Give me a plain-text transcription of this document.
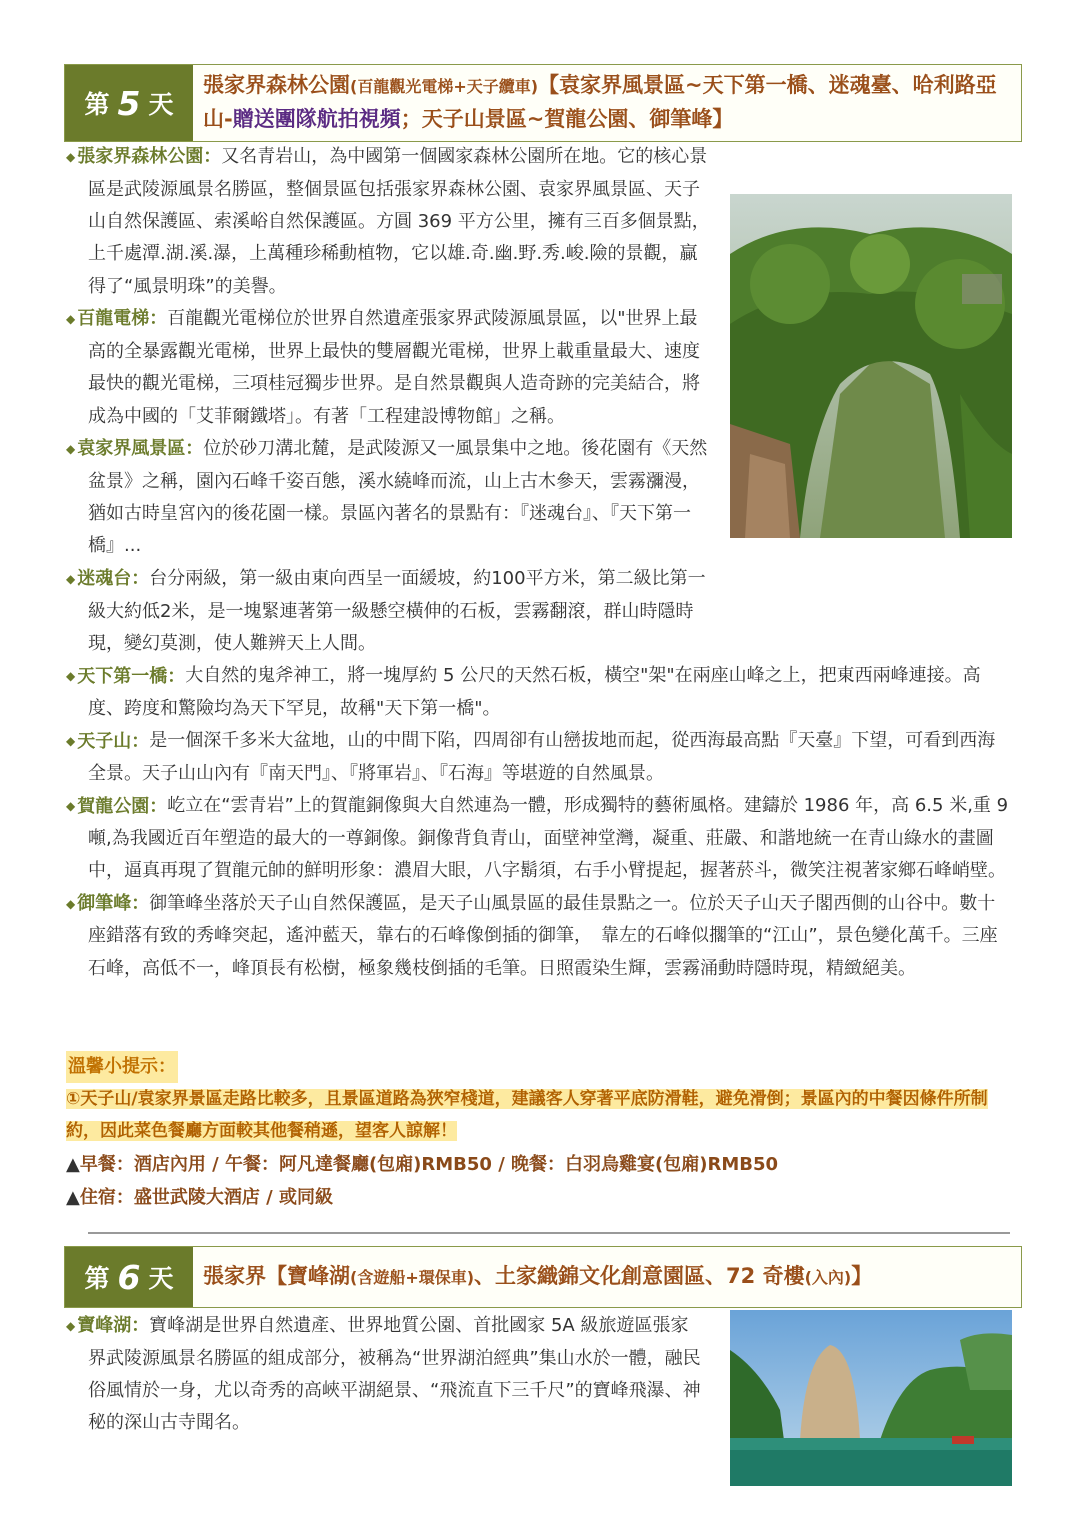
第 5 天
張家界森林公園(百龍觀光電梯+天子纜車)【袁家界風景區~天下第一橋、迷魂臺、哈利路亞山-贈送團隊航拍視頻；天子山景區~賀龍公園、御筆峰】

◆ 張家界森林公園：又名青岩山，為中國第一個國家森林公園所在地。它的核心景區是武陵源風景名勝區，整個景區包括張家界森林公園、袁家界風景區、天子山自然保護區、索溪峪自然保護區。方圓 369 平方公里，擁有三百多個景點，上千處潭.湖.溪.瀑，上萬種珍稀動植物，它以雄.奇.幽.野.秀.峻.險的景觀，贏得了“風景明珠”的美譽。

◆ 百龍電梯：百龍觀光電梯位於世界自然遺產張家界武陵源風景區，以"世界上最高的全暴露觀光電梯，世界上最快的雙層觀光電梯，世界上載重量最大、速度最快的觀光電梯，三項桂冠獨步世界。是自然景觀與人造奇跡的完美結合，將成為中國的「艾菲爾鐵塔」。有著「工程建設博物館」之稱。

◆ 袁家界風景區：位於砂刀溝北麓，是武陵源又一風景集中之地。後花園有《天然盆景》之稱，園內石峰千姿百態，溪水繞峰而流，山上古木參天，雲霧瀰漫，猶如古時皇宮內的後花園一樣。景區內著名的景點有：『迷魂台』、『天下第一橋』...

◆ 迷魂台：台分兩級，第一級由東向西呈一面緩坡，約100平方米，第二級比第一級大約低2米，是一塊緊連著第一級懸空橫伸的石板，雲霧翻滾，群山時隱時現，變幻莫測，使人難辨天上人間。

◆ 天下第一橋：大自然的鬼斧神工，將一塊厚約 5 公尺的天然石板，橫空"架"在兩座山峰之上，把東西兩峰連接。高度、跨度和驚險均為天下罕見，故稱"天下第一橋"。

◆ 天子山：是一個深千多米大盆地，山的中間下陷，四周卻有山巒拔地而起，從西海最高點『天臺』下望，可看到西海全景。天子山山內有『南天門』、『將軍岩』、『石海』等堪遊的自然風景。

◆ 賀龍公園：屹立在“雲青岩”上的賀龍銅像與大自然連為一體，形成獨特的藝術風格。建鑄於 1986 年，高 6.5 米,重 9 噸,為我國近百年塑造的最大的一尊銅像。銅像背負青山，面壁神堂灣，凝重、莊嚴、和諧地統一在青山綠水的畫圖中，逼真再現了賀龍元帥的鮮明形象：濃眉大眼，八字鬍須，右手小臂提起，握著菸斗，微笑注視著家鄉石峰峭壁。

◆ 御筆峰：御筆峰坐落於天子山自然保護區，是天子山風景區的最佳景點之一。位於天子山天子閣西側的山谷中。數十座錯落有致的秀峰突起，遙沖藍天，靠右的石峰像倒插的御筆，　靠左的石峰似擱筆的“江山”，景色變化萬千。三座石峰，高低不一，峰頂長有松樹，極象幾枝倒插的毛筆。日照霞染生輝，雲霧涌動時隱時現，精緻絕美。

溫馨小提示：
①天子山/袁家界景區走路比較多，且景區道路為狹窄棧道，建議客人穿著平底防滑鞋，避免滑倒；景區內的中餐因條件所制約，因此菜色餐廳方面較其他餐稍遜，望客人諒解！
▲早餐：酒店內用 / 午餐：阿凡達餐廳(包廂)RMB50 / 晚餐：白羽烏雞宴(包廂)RMB50
▲住宿：盛世武陵大酒店 / 或同級
第 6 天 張家界【寶峰湖(含遊船+環保車)、土家織錦文化創意園區、72 奇樓(入內)】

◆ 寶峰湖：寶峰湖是世界自然遺產、世界地質公園、首批國家 5A 級旅遊區張家界武陵源風景名勝區的組成部分，被稱為“世界湖泊經典”集山水於一體，融民俗風情於一身，尤以奇秀的高峽平湖絕景、“飛流直下三千尺”的寶峰飛瀑、神秘的深山古寺聞名。
